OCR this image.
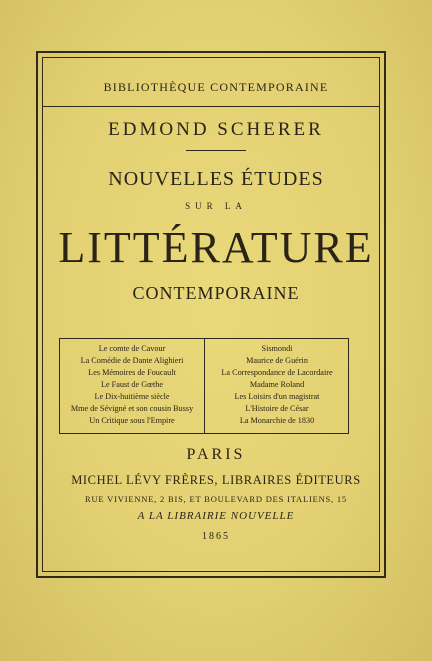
BIBLIOTHÈQUE CONTEMPORAINE
EDMOND SCHERER
NOUVELLES ÉTUDES
SUR LA
LITTÉRATURE
CONTEMPORAINE
Le comte de Cavour
La Comédie de Dante Alighieri
Les Mémoires de Foucault
Le Faust de Gœthe
Le Dix-huitième siècle
Mme de Sévigné et son cousin Bussy
Un Critique sous l'Empire
Sismondi
Maurice de Guérin
La Correspondance de Lacordaire
Madame Roland
Les Loisirs d'un magistrat
L'Histoire de César
La Monarchie de 1830
PARIS
MICHEL LÉVY FRÈRES, LIBRAIRES ÉDITEURS
RUE VIVIENNE, 2 BIS, ET BOULEVARD DES ITALIENS, 15
A LA LIBRAIRIE NOUVELLE
1865
